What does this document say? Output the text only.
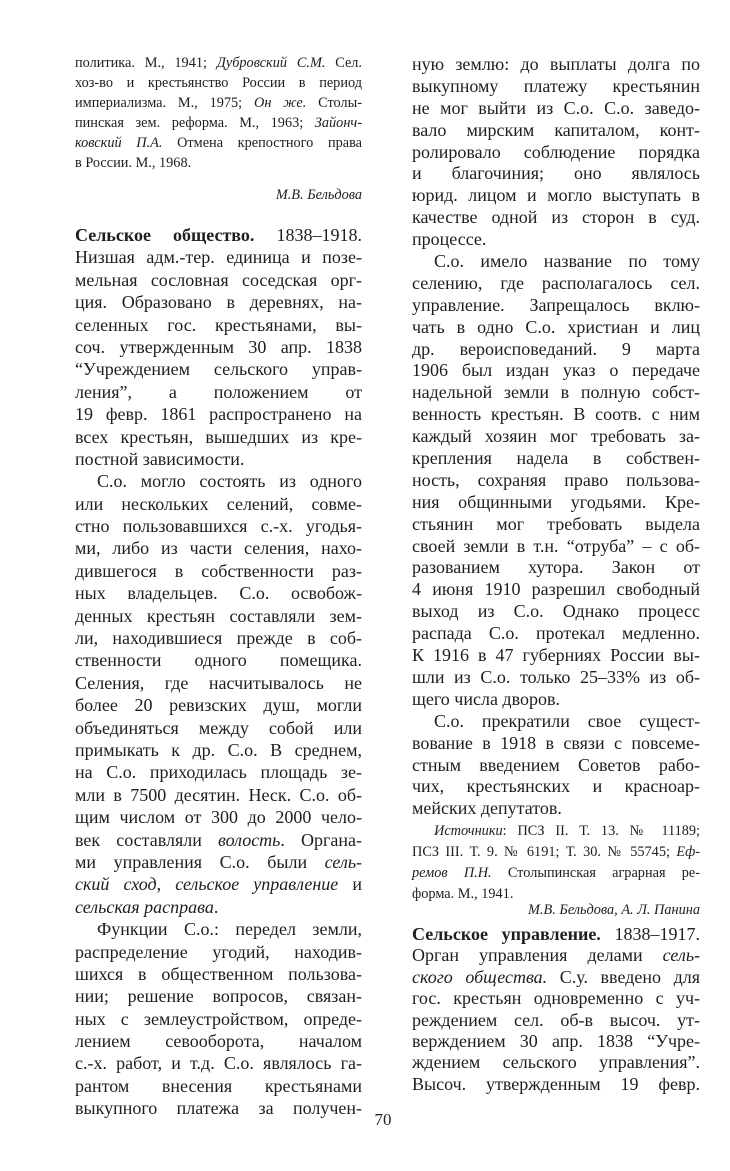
политика. М., 1941; Дубровский С.М. Сел.
хоз-во и крестьянство России в период
империализма. М., 1975; Он же. Столы-
пинская зем. реформа. М., 1963; Зайонч-
ковский П.А. Отмена крепостного права
в России. М., 1968.
М.В. Бельдова
Сельское общество. 1838–1918.
Низшая адм.-тер. единица и позе-
мельная сословная соседская орг-
ция. Образовано в деревнях, на-
селенных гос. крестьянами, вы-
соч. утвержденным 30 апр. 1838
“Учреждением сельского управ-
ления”, а положением от
19 февр. 1861 распространено на
всех крестьян, вышедших из кре-
постной зависимости.
С.о. могло состоять из одного
или нескольких селений, совме-
стно пользовавшихся с.-х. угодья-
ми, либо из части селения, нахо-
дившегося в собственности раз-
ных владельцев. С.о. освобож-
денных крестьян составляли зем-
ли, находившиеся прежде в соб-
ственности одного помещика.
Селения, где насчитывалось не
более 20 ревизских душ, могли
объединяться между собой или
примыкать к др. С.о. В среднем,
на С.о. приходилась площадь зе-
мли в 7500 десятин. Неск. С.о. об-
щим числом от 300 до 2000 чело-
век составляли волость. Органа-
ми управления С.о. были сель-
ский сход, сельское управление и
сельская расправа.
Функции С.о.: передел земли,
распределение угодий, находив-
шихся в общественном пользова-
нии; решение вопросов, связан-
ных с землеустройством, опреде-
лением севооборота, началом
с.-х. работ, и т.д. С.о. являлось га-
рантом внесения крестьянами
выкупного платежа за получен-
ную землю: до выплаты долга по
выкупному платежу крестьянин
не мог выйти из С.о. С.о. заведо-
вало мирским капиталом, конт-
ролировало соблюдение порядка
и благочиния; оно являлось
юрид. лицом и могло выступать в
качестве одной из сторон в суд.
процессе.
С.о. имело название по тому
селению, где располагалось сел.
управление. Запрещалось вклю-
чать в одно С.о. христиан и лиц
др. вероисповеданий. 9 марта
1906 был издан указ о передаче
надельной земли в полную собст-
венность крестьян. В соотв. с ним
каждый хозяин мог требовать за-
крепления надела в собствен-
ность, сохраняя право пользова-
ния общинными угодьями. Кре-
стьянин мог требовать выдела
своей земли в т.н. “отруба” – с об-
разованием хутора. Закон от
4 июня 1910 разрешил свободный
выход из С.о. Однако процесс
распада С.о. протекал медленно.
К 1916 в 47 губерниях России вы-
шли из С.о. только 25–33% из об-
щего числа дворов.
С.о. прекратили свое сущест-
вование в 1918 в связи с повсеме-
стным введением Советов рабо-
чих, крестьянских и красноар-
мейских депутатов.
Источники: ПСЗ II. Т. 13. № 11189;
ПСЗ III. Т. 9. № 6191; Т. 30. № 55745; Еф-
ремов П.Н. Столыпинская аграрная ре-
форма. М., 1941.
М.В. Бельдова, А. Л. Панина
Сельское управление. 1838–1917.
Орган управления делами сель-
ского общества. С.у. введено для
гос. крестьян одновременно с уч-
реждением сел. об-в высоч. ут-
верждением 30 апр. 1838 “Учре-
ждением сельского управления”.
Высоч. утвержденным 19 февр.
70
